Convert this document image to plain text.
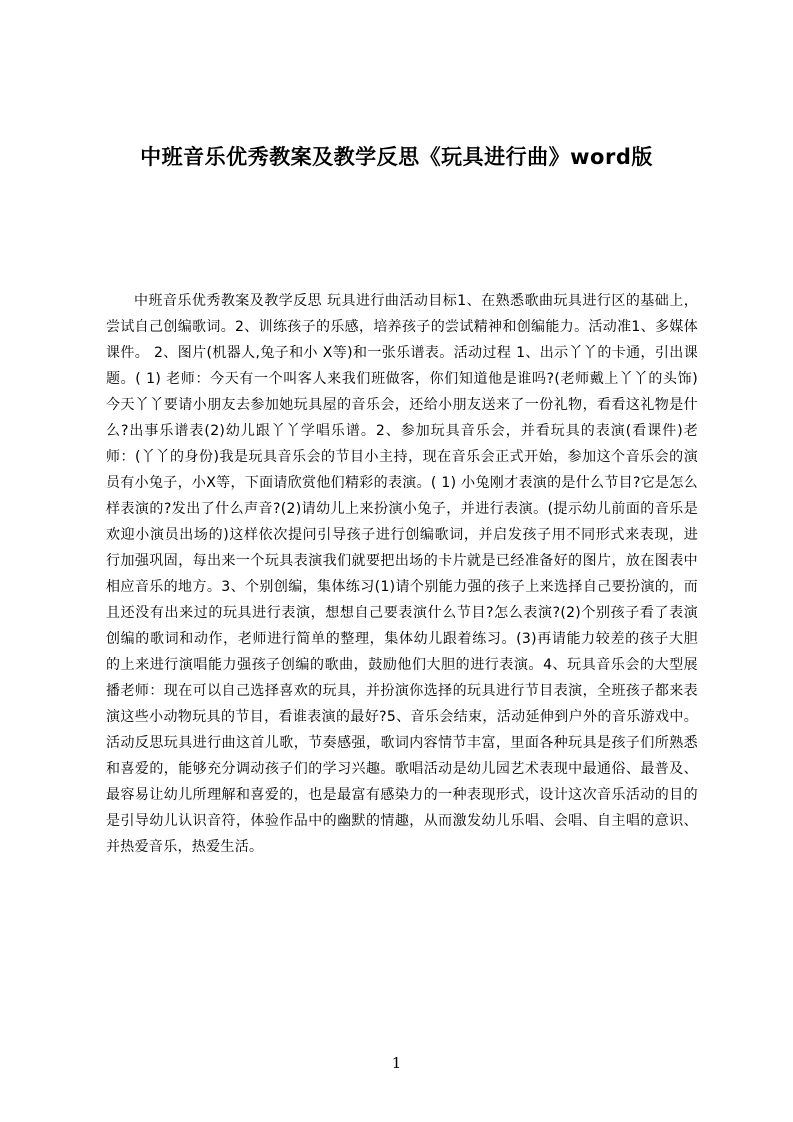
中班音乐优秀教案及教学反思《玩具进行曲》word版

中班音乐优秀教案及教学反思 玩具进行曲活动目标1、在熟悉歌曲玩具进行区的基础上，尝试自己创编歌词。2、训练孩子的乐感，培养孩子的尝试精神和创编能力。活动准1、多媒体课件。 2、图片(机器人,兔子和小 X等)和一张乐谱表。活动过程 1、出示丫丫的卡通，引出课题。( 1) 老师：今天有一个叫客人来我们班做客，你们知道他是谁吗?(老师戴上丫丫的头饰)今天丫丫要请小朋友去参加她玩具屋的音乐会，还给小朋友送来了一份礼物，看看这礼物是什么?出事乐谱表(2)幼儿跟丫丫学唱乐谱。2、参加玩具音乐会，并看玩具的表演(看课件)老师：(丫丫的身份)我是玩具音乐会的节目小主持，现在音乐会正式开始，参加这个音乐会的演员有小兔子，小X等，下面请欣赏他们精彩的表演。( 1) 小兔刚才表演的是什么节目?它是怎么样表演的?发出了什么声音?(2)请幼儿上来扮演小兔子，并进行表演。(提示幼儿前面的音乐是欢迎小演员出场的)这样依次提问引导孩子进行创编歌词，并启发孩子用不同形式来表现，进行加强巩固，每出来一个玩具表演我们就要把出场的卡片就是已经准备好的图片，放在图表中相应音乐的地方。3、个别创编，集体练习(1)请个别能力强的孩子上来选择自己要扮演的，而且还没有出来过的玩具进行表演，想想自己要表演什么节目?怎么表演?(2)个别孩子看了表演创编的歌词和动作，老师进行简单的整理，集体幼儿跟着练习。(3)再请能力较差的孩子大胆的上来进行演唱能力强孩子创编的歌曲，鼓励他们大胆的进行表演。4、玩具音乐会的大型展播老师：现在可以自己选择喜欢的玩具，并扮演你选择的玩具进行节目表演，全班孩子都来表演这些小动物玩具的节目，看谁表演的最好?5、音乐会结束，活动延伸到户外的音乐游戏中。活动反思玩具进行曲这首儿歌，节奏感强，歌词内容情节丰富，里面各种玩具是孩子们所熟悉和喜爱的，能够充分调动孩子们的学习兴趣。歌唱活动是幼儿园艺术表现中最通俗、最普及、最容易让幼儿所理解和喜爱的，也是最富有感染力的一种表现形式，设计这次音乐活动的目的是引导幼儿认识音符，体验作品中的幽默的情趣，从而激发幼儿乐唱、会唱、自主唱的意识、并热爱音乐，热爱生活。

1
